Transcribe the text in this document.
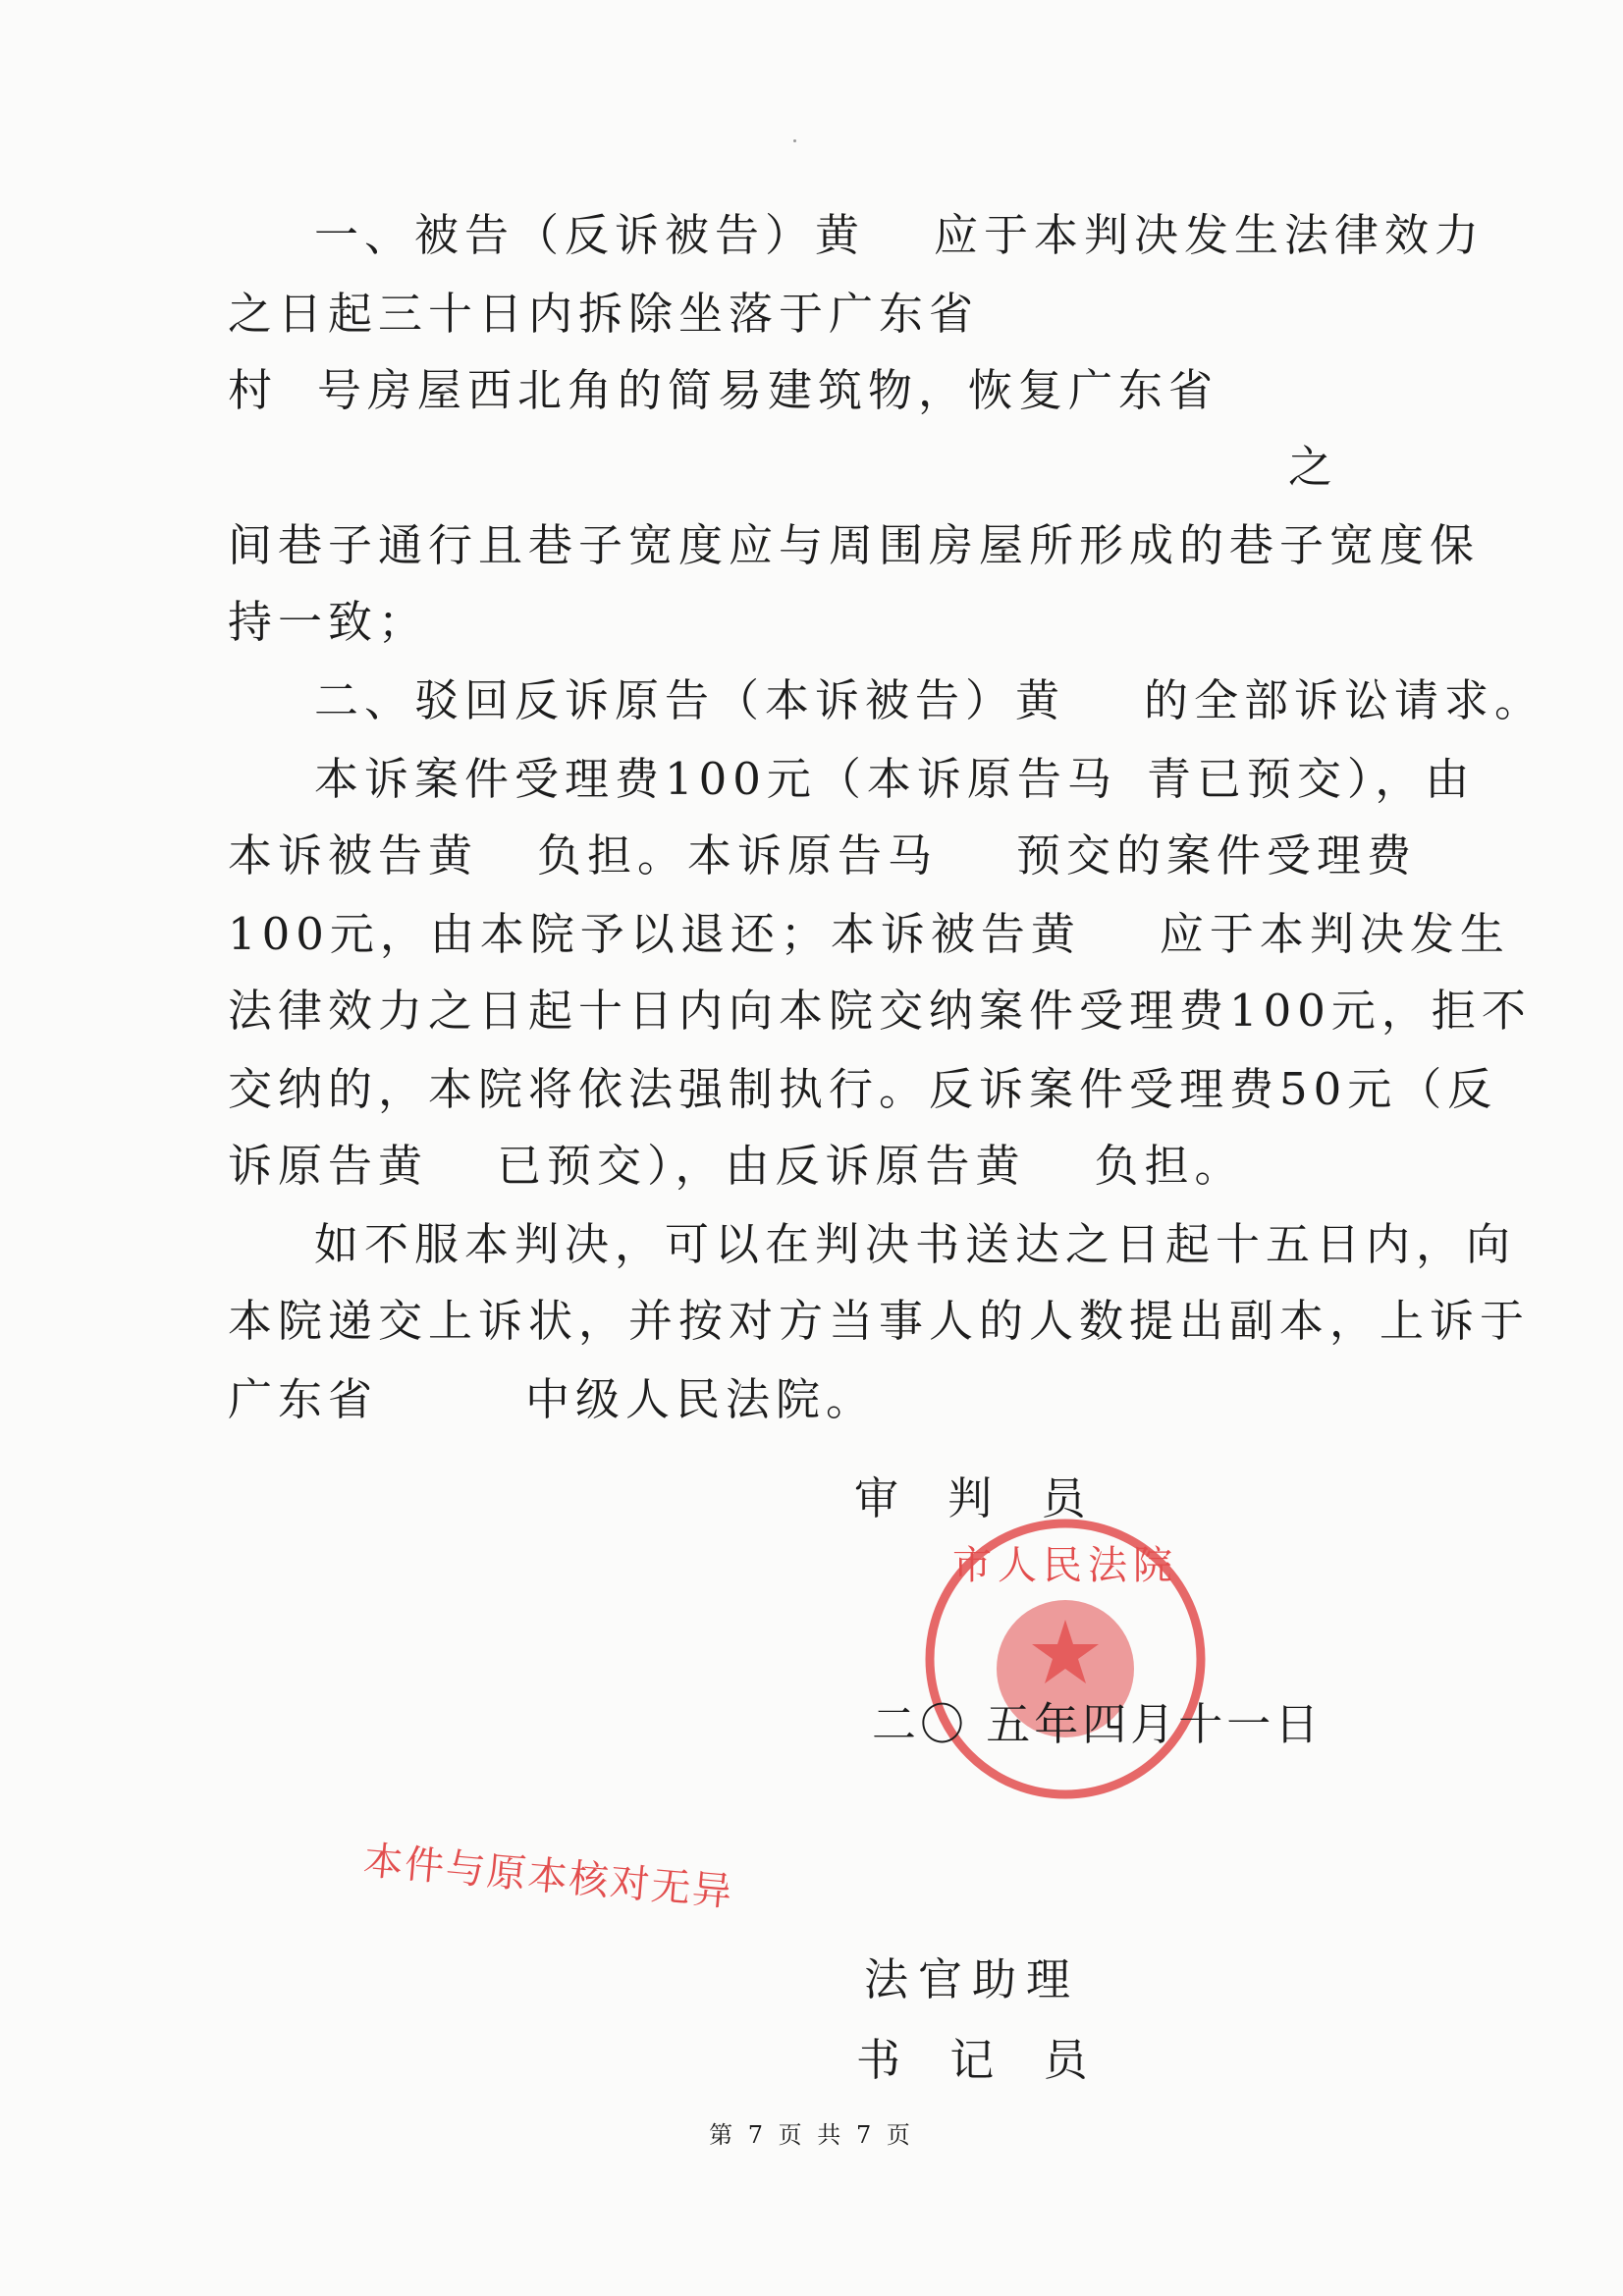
一、被告（反诉被告）黄 应于本判决发生法律效力
之日起三十日内拆除坐落于广东省
村 号房屋西北角的简易建筑物，恢复广东省
之
间巷子通行且巷子宽度应与周围房屋所形成的巷子宽度保
持一致；
二、驳回反诉原告（本诉被告）黄 的全部诉讼请求。
本诉案件受理费100元（本诉原告马 青已预交），由
本诉被告黄 负担。本诉原告马 预交的案件受理费
100元，由本院予以退还；本诉被告黄 应于本判决发生
法律效力之日起十日内向本院交纳案件受理费100元，拒不
交纳的，本院将依法强制执行。反诉案件受理费50元（反
诉原告黄 已预交），由反诉原告黄 负担。
如不服本判决，可以在判决书送达之日起十五日内，向
本院递交上诉状，并按对方当事人的人数提出副本，上诉于
广东省	中级人民法院。
审 判 员
市人民法院
二〇 五年四月十一日
本件与原本核对无异
法官助理
书 记 员
第 7 页 共 7 页
